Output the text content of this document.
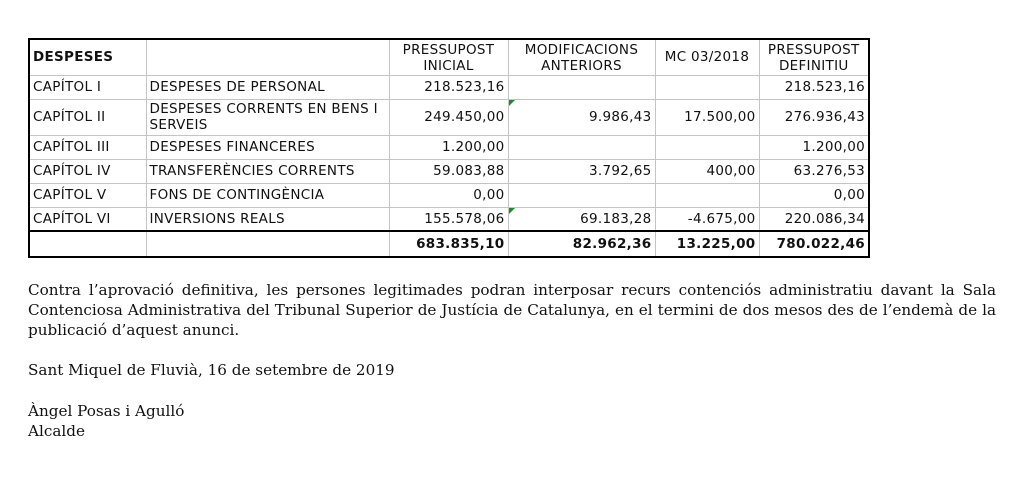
DESPESES		PRESSUPOST INICIAL	MODIFICACIONS ANTERIORS	MC 03/2018	PRESSUPOST DEFINITIU
CAPÍTOL I	DESPESES DE PERSONAL	218.523,16			218.523,16
CAPÍTOL II	DESPESES CORRENTS EN BENS I SERVEIS	249.450,00	9.986,43	17.500,00	276.936,43
CAPÍTOL III	DESPESES FINANCERES	1.200,00			1.200,00
CAPÍTOL IV	TRANSFERÈNCIES CORRENTS	59.083,88	3.792,65	400,00	63.276,53
CAPÍTOL V	FONS DE CONTINGÈNCIA	0,00			0,00
CAPÍTOL VI	INVERSIONS REALS	155.578,06	69.183,28	-4.675,00	220.086,34
		683.835,10	82.962,36	13.225,00	780.022,46

Contra l’aprovació definitiva, les persones legitimades podran interposar recurs contenciós administratiu davant la Sala Contenciosa Administrativa del Tribunal Superior de Justícia de Catalunya, en el termini de dos mesos des de l’endemà de la publicació d’aquest anunci.

Sant Miquel de Fluvià, 16 de setembre de 2019

Àngel Posas i Agulló

Alcalde
